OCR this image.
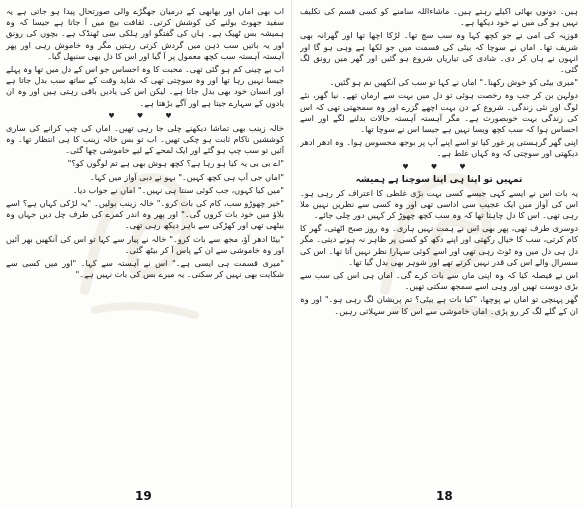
اب بھی اماں اور بھابھی کے درمیان جھگڑے والی صورتحال پیدا ہو جاتی ہے یہ سفید جھوٹ بولنے کی کوشش کرتی۔ ثقافت بیچ میں آ جاتا ہے جیسا کہ وہ ہمیشہ بس ٹھیک ہے۔ ہاں کی گفتگو اور ہلکی سی ٹھنڈک ہے۔ بچوں کی رونق اور یہ باتیں سب ذہن میں گردش کرتی رہتیں مگر وہ خاموش رہی اور پھر آہستہ آہستہ سب کچھ معمول پر آ گیا اور اس کا دل بھی سنبھل گیا۔

اب بے چینی کم ہو گئی تھی۔ محبت کا وہ احساس جو اس کے دل میں تھا وہ پہلے جیسا نہیں رہا تھا اور وہ سوچتی تھی کہ شاید وقت کے ساتھ سب بدل جاتا ہے اور انسان خود بھی بدل جاتا ہے۔ لیکن اس کی یادیں باقی رہتی ہیں اور وہ ان یادوں کے سہارے جیتا ہے اور آگے بڑھتا ہے۔

♥ ♥ ♥

خالہ زینب بھی تماشا دیکھنے چلی جا رہی تھیں۔ اماں کی چپ کرانے کی ساری کوششیں ناکام ثابت ہو چکی تھیں۔ اب تو بس خالہ زینب کا ہی انتظار تھا۔ وہ آئیں تو سب چپ ہو گئے اور ایک لمحے کے لیے خاموشی چھا گئی۔

"اے بی بی یہ کیا ہو رہا ہے؟ کچھ ہوش بھی ہے تم لوگوں کو؟"

"اماں جی آپ ہی کچھ کہیں۔" بہو نے دبی آواز میں کہا۔

"میں کیا کہوں، جب کوئی سنتا ہی نہیں۔" اماں نے جواب دیا۔

"خیر چھوڑو سب، کام کی بات کرو۔" خالہ زینب بولیں۔ "یہ لڑکی کہاں ہے؟ اسے بلاؤ میں خود بات کروں گی۔" اور پھر وہ اندر کمرے کی طرف چل دیں جہاں وہ بیٹھی تھی اور کھڑکی سے باہر دیکھ رہی تھی۔

"بیٹا ادھر آؤ، مجھ سے بات کرو۔" خالہ نے پیار سے کہا تو اس کی آنکھیں بھر آئیں اور وہ خاموشی سے ان کے پاس آ کر بیٹھ گئی۔

"میری قسمت ہی ایسی ہے۔" اس نے آہستہ سے کہا۔ "اور میں کسی سے شکایت بھی نہیں کر سکتی۔ یہ میرے بس کی بات نہیں ہے۔"

ہیں۔ دونوں بھائی اکیلے رہتے ہیں۔ ماشاءاللہ سامنے کو کسی قسم کی تکلیف نہیں ہو گی میں نے خود دیکھا ہے۔

فوزیہ کی امی نے جو کچھ کہا وہ سب سچ تھا۔ لڑکا اچھا تھا اور گھرانہ بھی شریف تھا۔ اماں نے سوچا کہ بیٹی کی قسمت میں جو لکھا ہے وہی ہو گا اور انہوں نے ہاں کر دی۔ شادی کی تیاریاں شروع ہو گئیں اور گھر میں رونق لگ گئی۔

"میری بیٹی کو خوش رکھنا۔" اماں نے کہا تو سب کی آنکھیں نم ہو گئیں۔

دولہن بن کر جب وہ رخصت ہوئی تو دل میں بہت سے ارمان تھے۔ نیا گھر، نئے لوگ اور نئی زندگی۔ شروع کے دن بہت اچھے گزرے اور وہ سمجھتی تھی کہ اس کی زندگی بہت خوبصورت ہے۔ مگر آہستہ آہستہ حالات بدلنے لگے اور اسے احساس ہوا کہ سب کچھ ویسا نہیں ہے جیسا اس نے سوچا تھا۔

اپنی گھر گرہستی پر غور کیا تو اسے اپنے آپ پر بوجھ محسوس ہوا۔ وہ ادھر ادھر دیکھتی اور سوچتی کہ وہ کہاں غلط ہے۔

♥ ♥ ♥
تمہیں تو اپنا ہی اپنا سوچنا ہے ہمیشہ

یہ بات اس نے ایسے کہی جیسے کسی بہت بڑی غلطی کا اعتراف کر رہی ہو۔ اس کی آواز میں ایک عجیب سی اداسی تھی اور وہ کسی سے نظریں نہیں ملا رہی تھی۔ اس کا دل چاہتا تھا کہ وہ سب کچھ چھوڑ کر کہیں دور چلی جائے۔

دوسری طرف تھی، پھر بھی اس نے ہمت نہیں ہاری۔ وہ روز صبح اٹھتی، گھر کا کام کرتی، سب کا خیال رکھتی اور اپنے دکھ کو کسی پر ظاہر نہ ہونے دیتی۔ مگر دل ہی دل میں وہ ٹوٹ رہی تھی اور اسے کوئی سہارا نظر نہیں آتا تھا۔ اس کی سسرال والے اس کی قدر نہیں کرتے تھے اور شوہر بھی بدل گیا تھا۔

اس نے فیصلہ کیا کہ وہ اپنی ماں سے بات کرے گی۔ اماں ہی اس کی سب سے بڑی دوست تھیں اور وہی اسے سمجھ سکتی تھیں۔

گھر پہنچی تو اماں نے پوچھا، "کیا بات ہے بیٹی؟ تم پریشان لگ رہی ہو۔" اور وہ ان کے گلے لگ کر رو پڑی۔ اماں خاموشی سے اس کا سر سہلاتی رہیں۔

19	18
